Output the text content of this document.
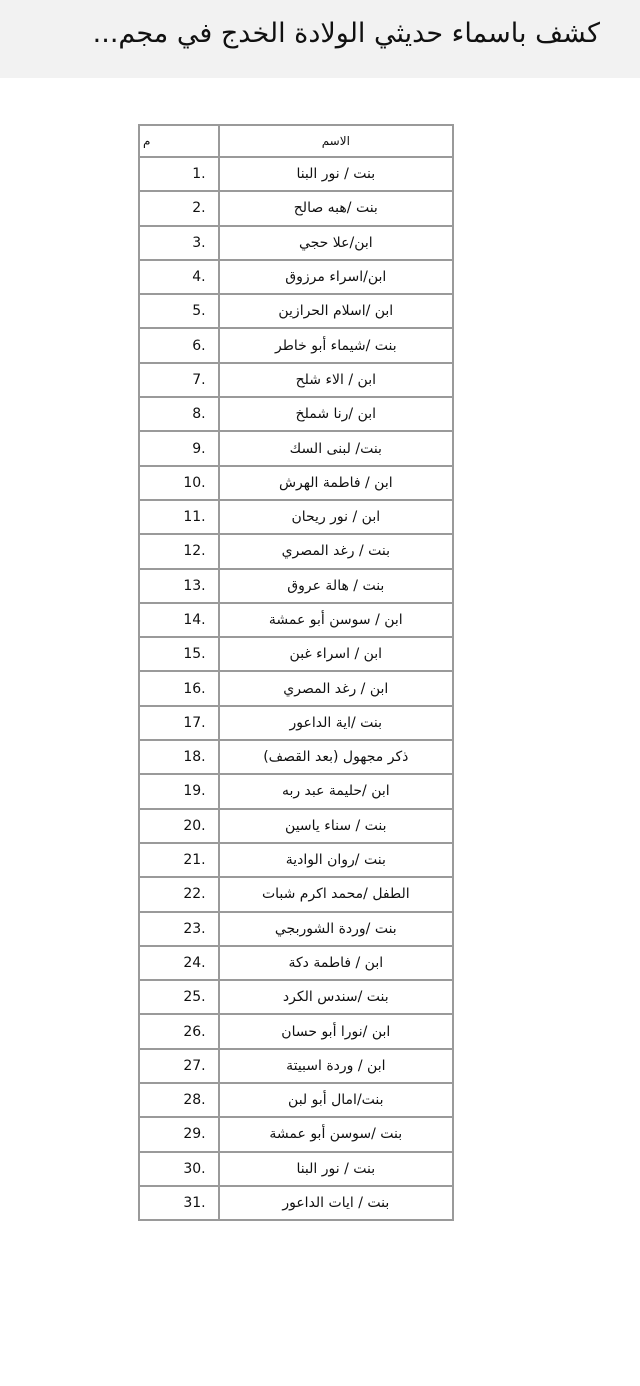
كشف باسماء حديثي الولادة الخدج في مجم...
م	الاسم
1.	بنت / نور البنا
2.	بنت /هبه صالح
3.	ابن/علا حجي
4.	ابن/اسراء مرزوق
5.	ابن /اسلام الحرازين
6.	بنت /شيماء أبو خاطر
7.	ابن / الاء شلح
8.	ابن /رنا شملخ
9.	بنت/ لبنى السك
10.	ابن / فاطمة الهرش
11.	ابن / نور ريحان
12.	بنت / رغد المصري
13.	بنت / هالة عروق
14.	ابن / سوسن أبو عمشة
15.	ابن / اسراء غبن
16.	ابن / رغد المصري
17.	بنت /اية الداعور
18.	ذكر مجهول (بعد القصف)
19.	ابن /حليمة عبد ربه
20.	بنت / سناء ياسين
21.	بنت /روان الوادية
22.	الطفل /محمد اكرم شبات
23.	بنت /وردة الشوربجي
24.	ابن / فاطمة دكة
25.	بنت /سندس الكرد
26.	ابن /نورا أبو حسان
27.	ابن / وردة اسبيتة
28.	بنت/امال أبو لبن
29.	بنت /سوسن أبو عمشة
30.	بنت / نور البنا
31.	بنت / ايات الداعور
